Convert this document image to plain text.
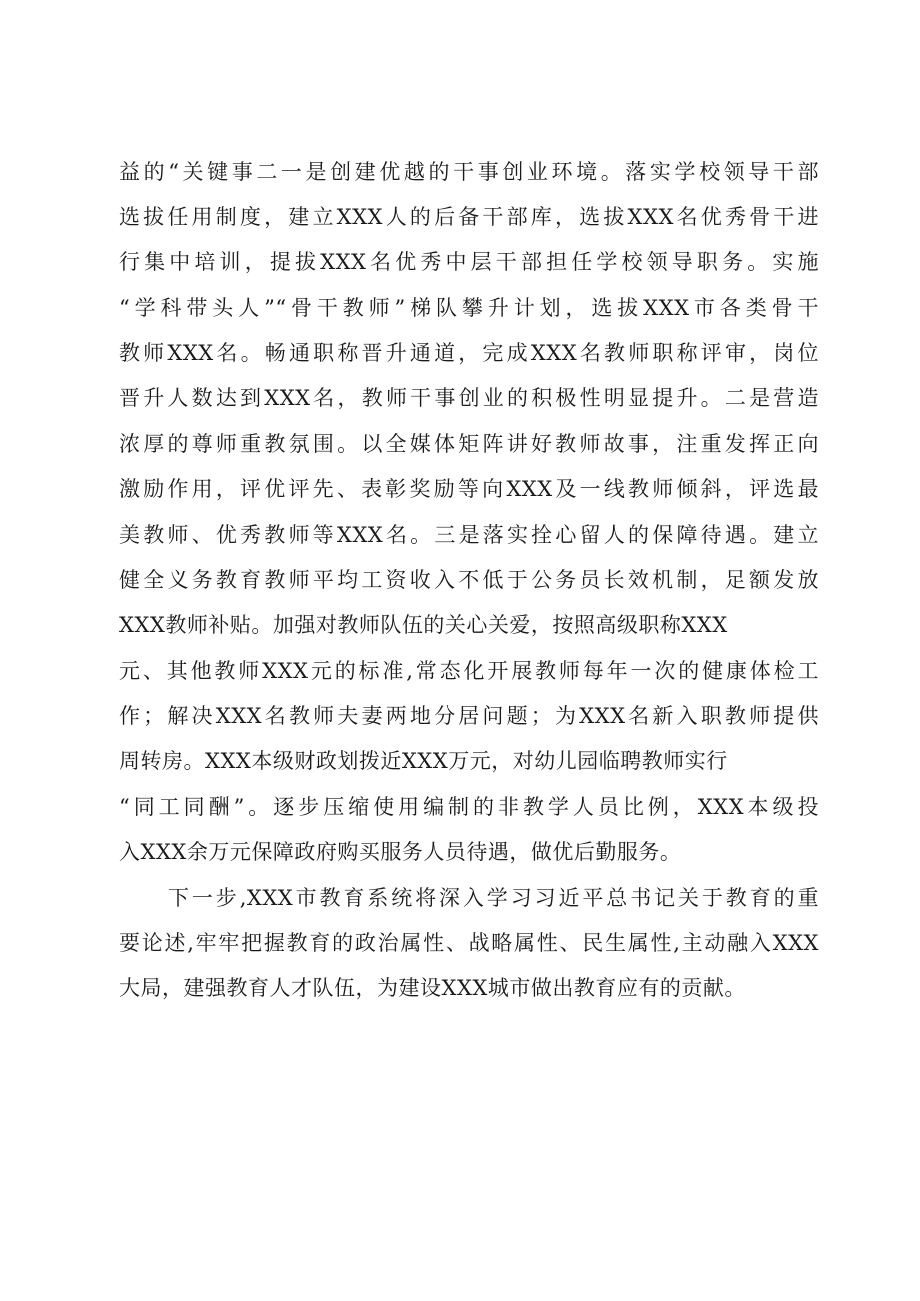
益的“关键事二一是创建优越的干事创业环境。落实学校领导干部
选拔任用制度，建立XXX人的后备干部库，选拔XXX名优秀骨干进
行集中培训，提拔XXX名优秀中层干部担任学校领导职务。实施
“学科带头人”“骨干教师”梯队攀升计划，选拔XXX市各类骨干
教师XXX名。畅通职称晋升通道，完成XXX名教师职称评审，岗位
晋升人数达到XXX名，教师干事创业的积极性明显提升。二是营造
浓厚的尊师重教氛围。以全媒体矩阵讲好教师故事，注重发挥正向
激励作用，评优评先、表彰奖励等向XXX及一线教师倾斜，评选最
美教师、优秀教师等XXX名。三是落实拴心留人的保障待遇。建立
健全义务教育教师平均工资收入不低于公务员长效机制，足额发放
XXX教师补贴。加强对教师队伍的关心关爱，按照高级职称XXX
元、其他教师XXX元的标准,常态化开展教师每年一次的健康体检工
作；解决XXX名教师夫妻两地分居问题；为XXX名新入职教师提供
周转房。XXX本级财政划拨近XXX万元，对幼儿园临聘教师实行
“同工同酬”。逐步压缩使用编制的非教学人员比例，XXX本级投
入XXX余万元保障政府购买服务人员待遇，做优后勤服务。
下一步,XXX市教育系统将深入学习习近平总书记关于教育的重
要论述,牢牢把握教育的政治属性、战略属性、民生属性,主动融入XXX
大局，建强教育人才队伍，为建设XXX城市做出教育应有的贡献。
